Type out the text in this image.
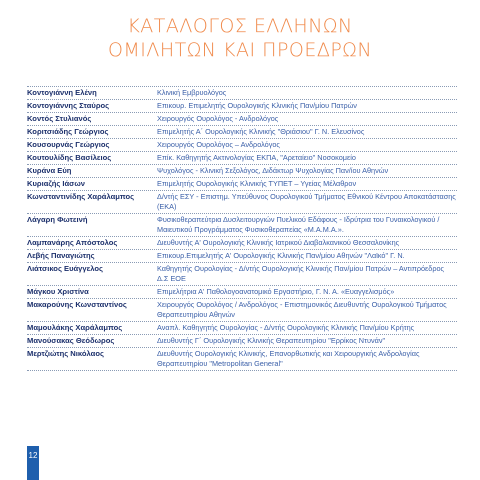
ΚΑΤΑΛΟΓΟΣ ΕΛΛΗΝΩΝ
ΟΜΙΛΗΤΩΝ ΚΑΙ ΠΡΟΕΔΡΩΝ
Κοντογιάννη Ελένη	Κλινική Εμβρυολόγος
Κοντογιάννης Σταύρος	Επικουρ. Επιμελητής Ουρολογικής Κλινικής Παν/μίου Πατρών
Κοντός Στυλιανός	Χειρουργός Ουρολόγος - Ανδρολόγος
Κοριτσιάδης Γεώργιος	Επιμελητής Α΄ Ουρολογικής Κλινικής "Θριάσιου" Γ. Ν. Ελευσίνος
Κουσουρνάς Γεώργιος	Χειρουργός Ουρολόγος – Ανδρολόγος
Κουτουλίδης Βασίλειος	Επίκ. Καθηγητής Ακτινολογίας ΕΚΠΑ, "Αρεταίειο" Νοσοκομείο
Κυράνα Εύη	Ψυχολόγος - Κλινική Σεξολόγος, Διδάκτωρ Ψυχολογίας Παν/ίου Αθηνών
Κυριαζής Ιάσων	Επιμελητής Ουρολογικής Κλινικής ΤΥΠΕΤ – Υγείας Μέλαθρον
Κωνσταντινίδης Χαράλαμπος	Δ/ντής ΕΣΥ - Επιστημ. Υπεύθυνος Ουρολογικού Τμήματος Εθνικού Κέντρου Αποκατάστασης (ΕΚΑ)
Λάγαρη Φωτεινή	Φυσικοθεραπεύτρια Δυσλειτουργιών Πυελικού Εδάφους - Ιδρύτρια του Γυναικολογικού / Μαιευτικού Προγράμματος Φυσικοθεραπείας «Μ.Α.Μ.Α.».
Λαμπανάρης Απόστολος	Διευθυντής Α' Ουρολογικής Κλινικής Ιατρικού Διαβαλκανικού Θεσσαλονίκης
Λεβής Παναγιώτης	Επικουρ.Επιμελητής Α' Ουρολογικής Κλινικής Παν/μίου Αθηνών "Λαϊκό" Γ. Ν.
Λιάτσικος Ευάγγελος	Καθηγητής Ουρολογίας - Δ/ντής Ουρολογικής Κλινικής Παν/μίου Πατρών – Αντιπρόεδρος Δ.Σ ΕΟΕ
Μάγκου Χριστίνα	Επιμελήτρια Α' Παθολογοανατομικό Εργαστήριο, Γ. Ν. Α. «Ευαγγελισμός»
Μακαρούνης Κωνσταντίνος	Χειρουργός Ουρολόγος / Ανδρολόγος - Επιστημονικός Διευθυντής Ουρολογικού Τμήματος Θεραπευτηρίου Αθηνών
Μαμουλάκης Χαράλαμπος	Αναπλ. Καθηγητής Ουρολογίας - Δ/ντής Ουρολογικής Κλινικής Παν/μίου Κρήτης
Μανούσακας Θεόδωρος	Διευθυντής Γ΄ Ουρολογικής Κλινικής Θεραπευτηρίου "Ερρίκος Ντυνάν"
Μερτζιώτης Νικόλαος	Διευθυντής Ουρολογικής Κλινικής, Επανορθωτικής και Χειρουργικής Ανδρολογίας Θεραπευτηρίου "Metropolitan General"
12
